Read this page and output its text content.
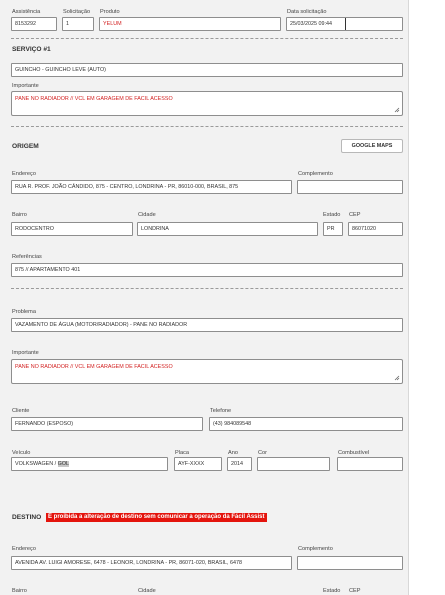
Assistência
8153292
Solicitação
1
Produto
YELUM
Data solicitação
25/03/2025 09:44
SERVIÇO #1
GUINCHO - GUINCHO LEVE (AUTO)
Importante
PANE NO RADIADOR // VCL EM GARAGEM DE FACIL ACESSO
ORIGEM	GOOGLE MAPS
Endereço
RUA R. PROF. JOÃO CÂNDIDO, 875 - CENTRO, LONDRINA - PR, 86010-000, BRASIL, 875
Complemento
Bairro
RODOCENTRO
Cidade
LONDRINA
Estado
PR
CEP
86071020
Referências
875 // APARTAMENTO 401
Problema
VAZAMENTO DE ÁGUA (MOTOR/RADIADOR) - PANE NO RADIADOR
Importante
PANE NO RADIADOR // VCL EM GARAGEM DE FACIL ACESSO
Cliente
FERNANDO (ESPOSO)
Telefone
(43) 984089548
Veículo
VOLKSWAGEN / GOL
Placa
AYF-XXXX
Ano
2014
Cor	Combustível
DESTINO	É proibida a alteração de destino sem comunicar a operação da Fácil Assist
Endereço
AVENIDA AV. LUIGI AMORESE, 6478 - LEONOR, LONDRINA - PR, 86071-020, BRASIL, 6478
Complemento
Bairro	Cidade	Estado CEP
